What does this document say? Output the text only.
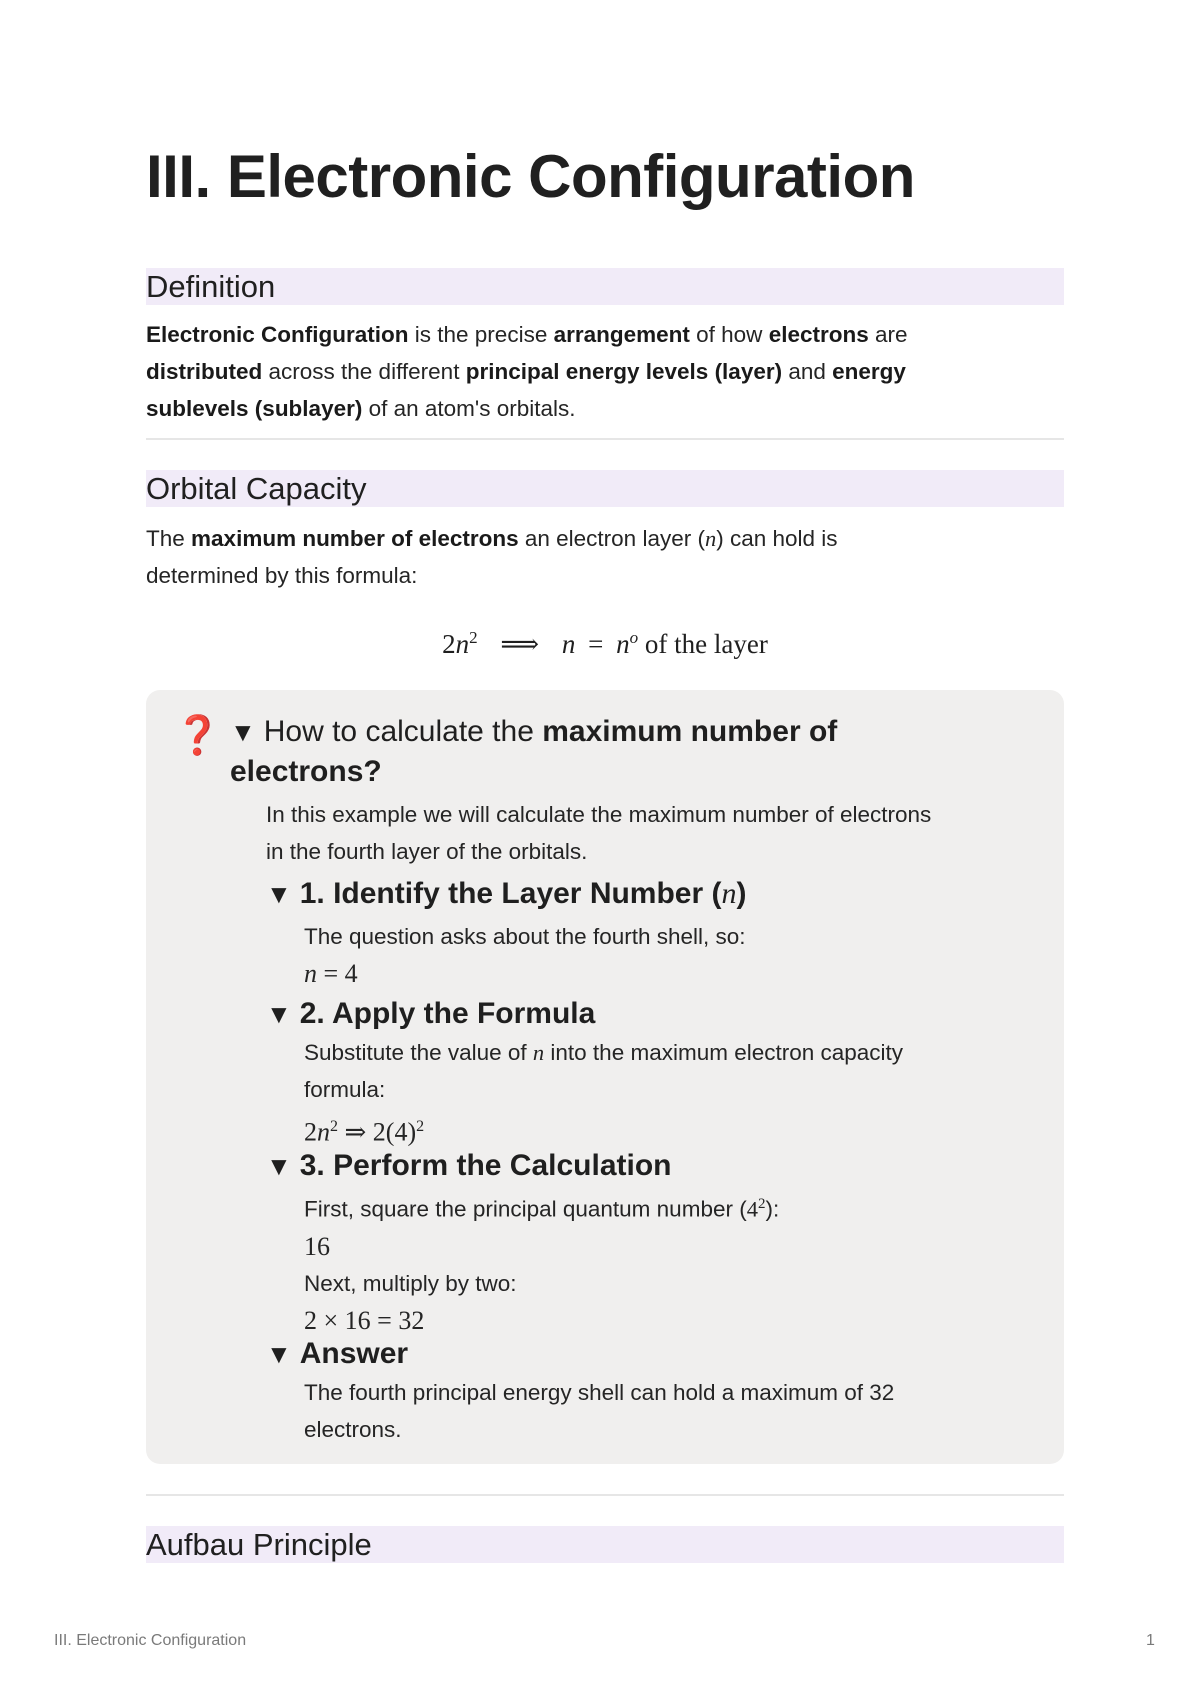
III. Electronic Configuration
Definition
Electronic Configuration is the precise arrangement of how electrons are
distributed across the different principal energy levels (layer) and energy
sublevels (sublayer) of an atom's orbitals.
Orbital Capacity
The maximum number of electrons an electron layer (n) can hold is
determined by this formula:
$2n^2$ ⟹ $n = n^o$ of the layer
❓ ▼ How to calculate the maximum number of
electrons?
In this example we will calculate the maximum number of electrons
in the fourth layer of the orbitals.
▼ 1. Identify the Layer Number (n)
The question asks about the fourth shell, so:
n = 4
▼ 2. Apply the Formula
Substitute the value of n into the maximum electron capacity
formula:
$2n^2$ ⇒ $2(4)^2$
▼ 3. Perform the Calculation
First, square the principal quantum number $(4^2)$:
16
Next, multiply by two:
2 × 16 = 32
▼ Answer
The fourth principal energy shell can hold a maximum of 32
electrons.
Aufbau Principle
III. Electronic Configuration	1
